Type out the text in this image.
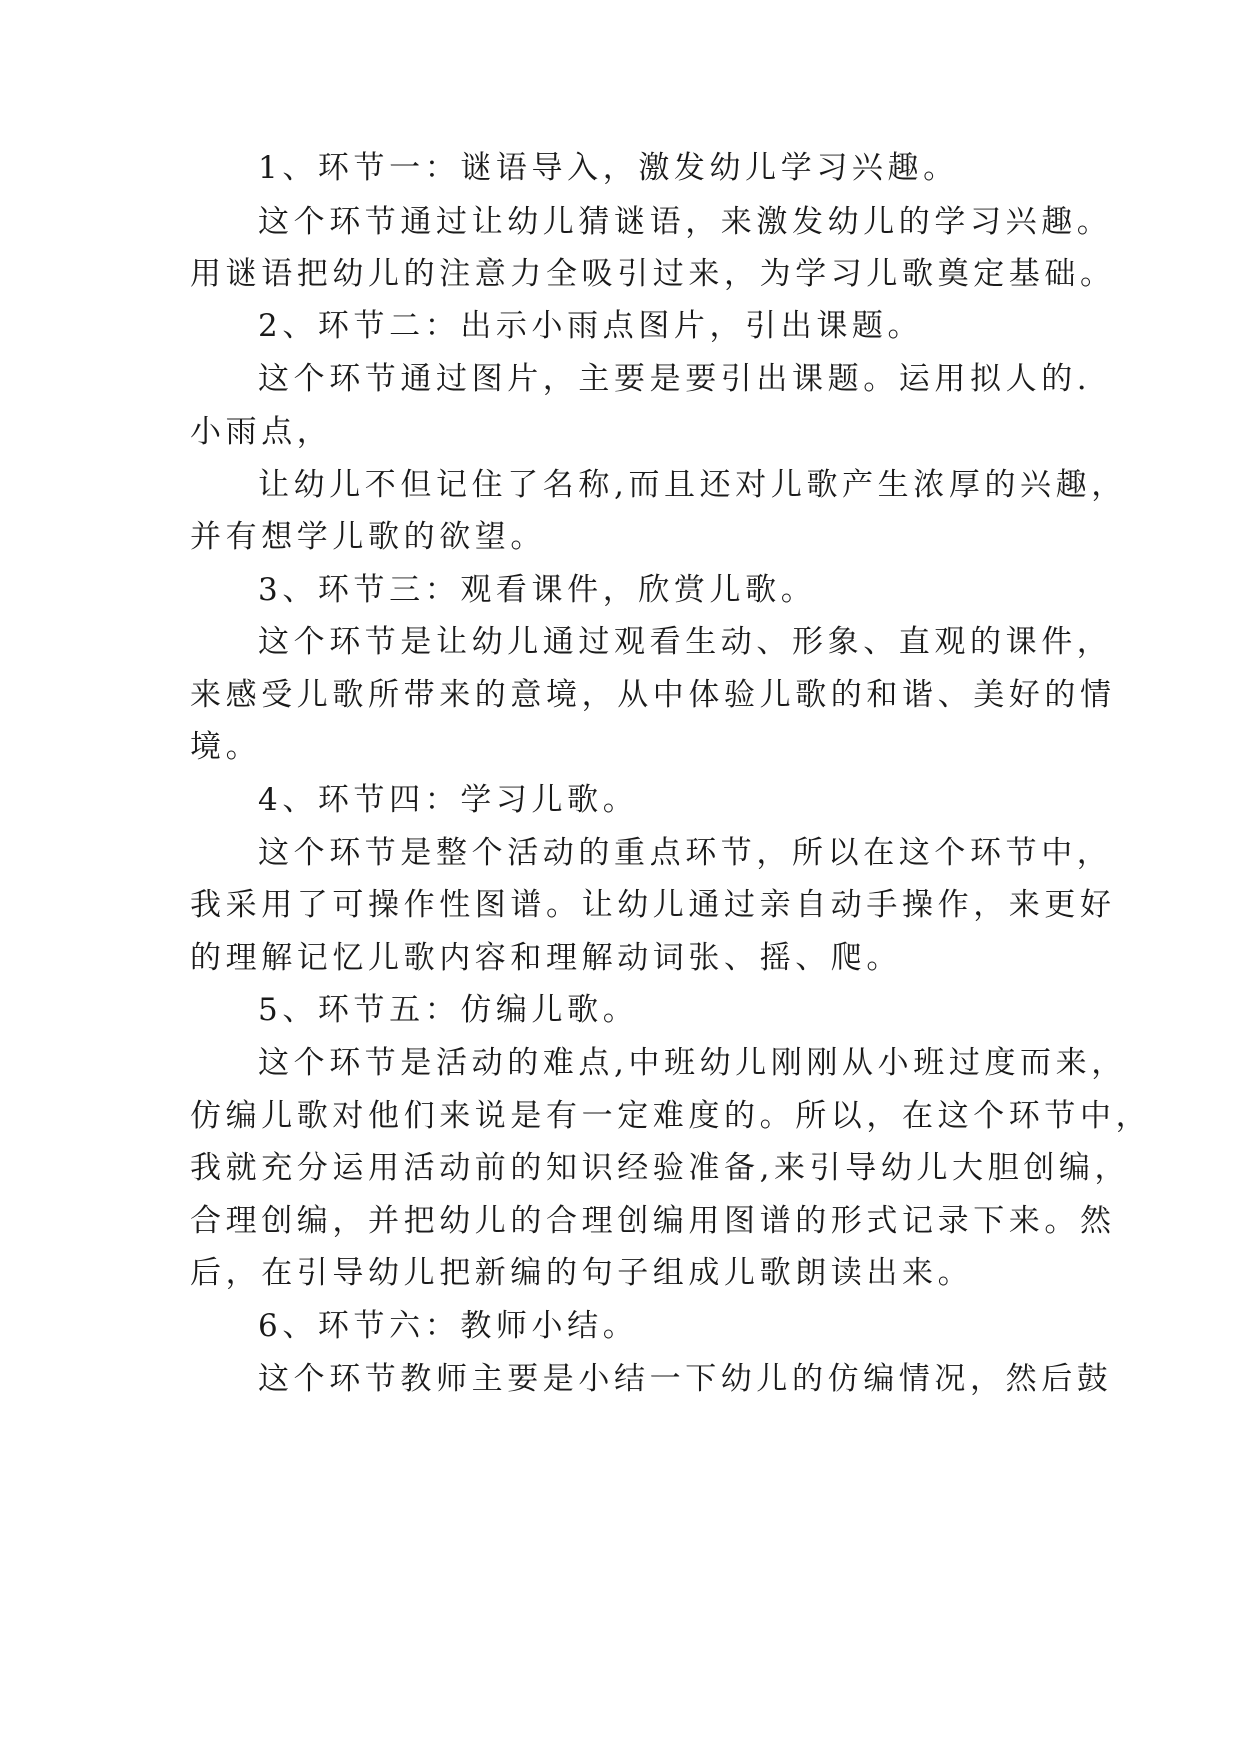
1、环节一：谜语导入，激发幼儿学习兴趣。
这个环节通过让幼儿猜谜语，来激发幼儿的学习兴趣。
用谜语把幼儿的注意力全吸引过来，为学习儿歌奠定基础。
2、环节二：出示小雨点图片，引出课题。
这个环节通过图片，主要是要引出课题。运用拟人的.
小雨点，
让幼儿不但记住了名称,而且还对儿歌产生浓厚的兴趣，
并有想学儿歌的欲望。
3、环节三：观看课件，欣赏儿歌。
这个环节是让幼儿通过观看生动、形象、直观的课件，
来感受儿歌所带来的意境，从中体验儿歌的和谐、美好的情
境。
4、环节四：学习儿歌。
这个环节是整个活动的重点环节，所以在这个环节中，
我采用了可操作性图谱。让幼儿通过亲自动手操作，来更好
的理解记忆儿歌内容和理解动词张、摇、爬。
5、环节五：仿编儿歌。
这个环节是活动的难点,中班幼儿刚刚从小班过度而来，
仿编儿歌对他们来说是有一定难度的。所以，在这个环节中，
我就充分运用活动前的知识经验准备,来引导幼儿大胆创编，
合理创编，并把幼儿的合理创编用图谱的形式记录下来。然
后，在引导幼儿把新编的句子组成儿歌朗读出来。
6、环节六：教师小结。
这个环节教师主要是小结一下幼儿的仿编情况，然后鼓
